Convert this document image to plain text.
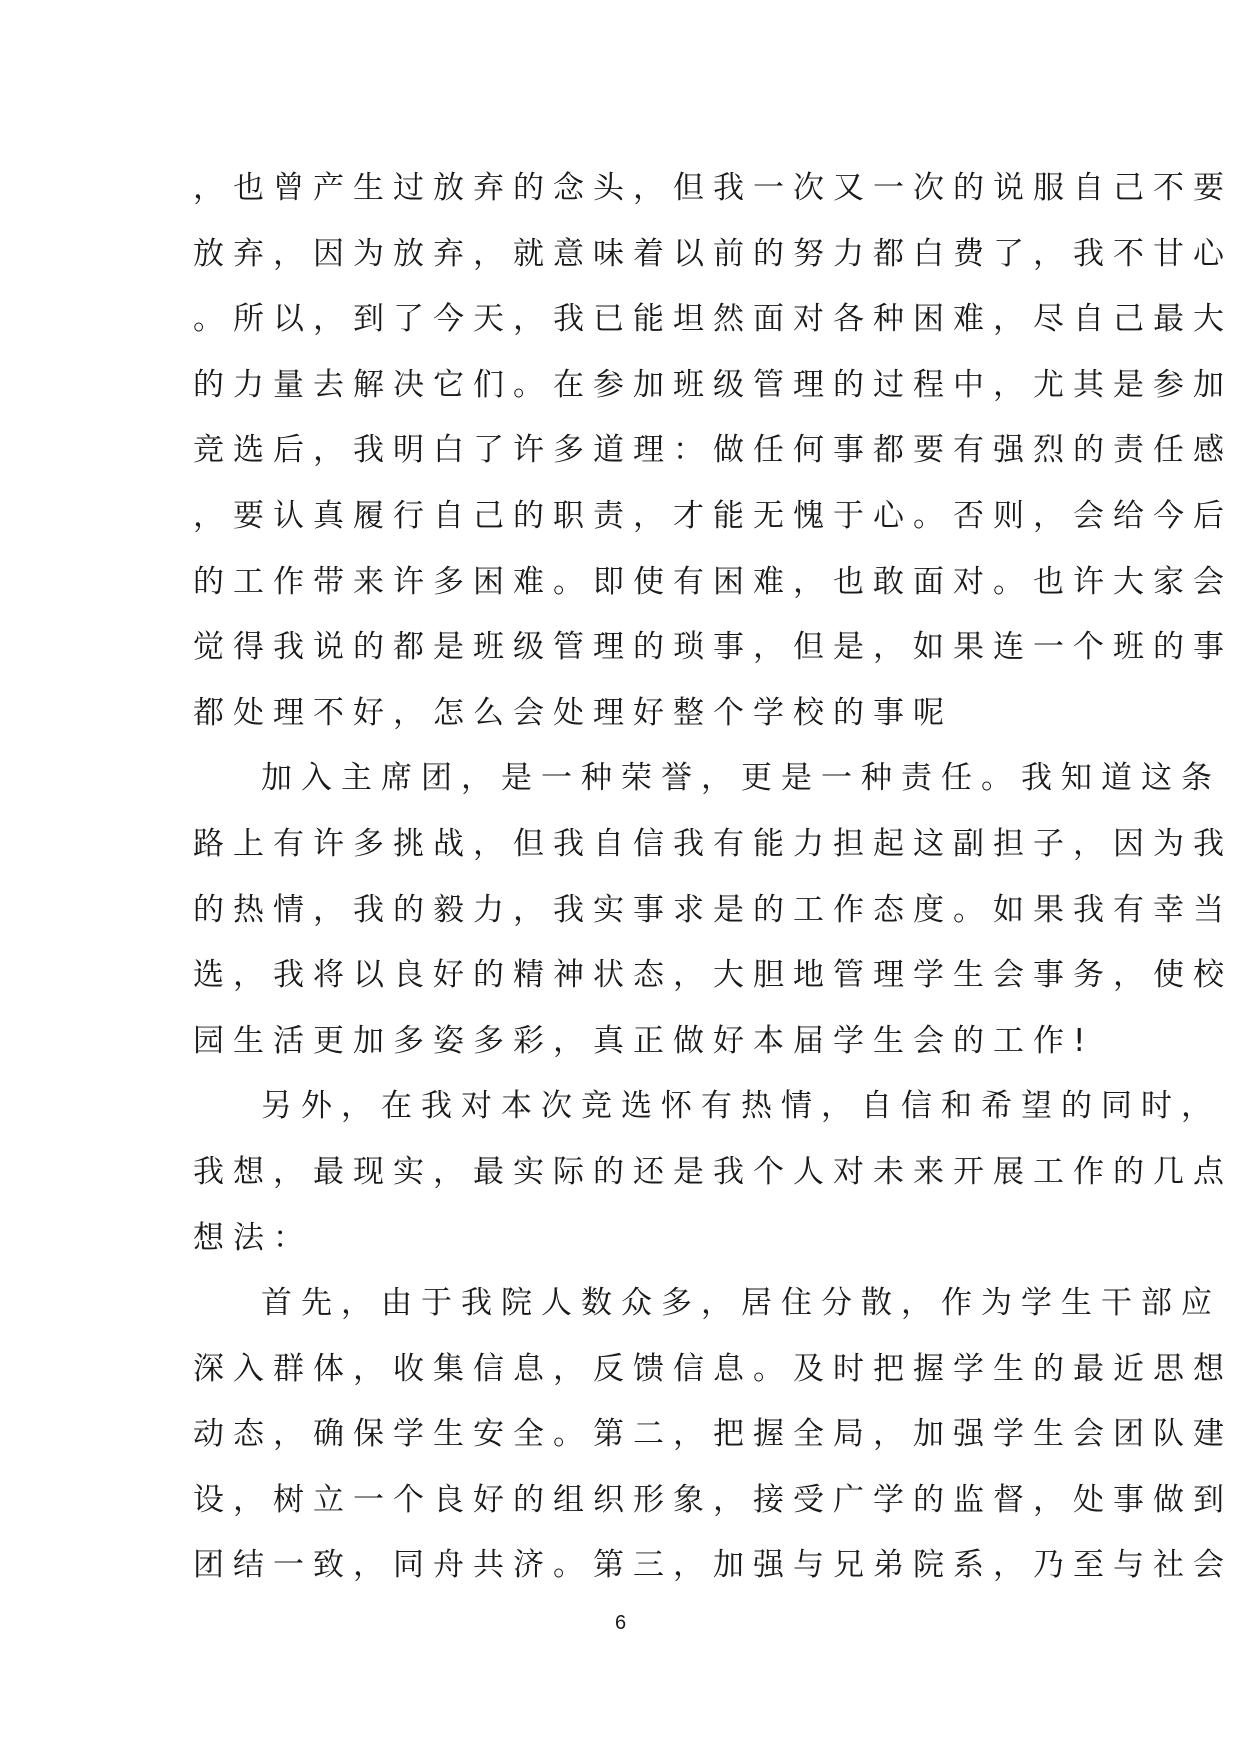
，也曾产生过放弃的念头，但我一次又一次的说服自己不要
放弃，因为放弃，就意味着以前的努力都白费了，我不甘心
。所以，到了今天，我已能坦然面对各种困难，尽自己最大
的力量去解决它们。在参加班级管理的过程中，尤其是参加
竞选后，我明白了许多道理：做任何事都要有强烈的责任感
，要认真履行自己的职责，才能无愧于心。否则，会给今后
的工作带来许多困难。即使有困难，也敢面对。也许大家会
觉得我说的都是班级管理的琐事，但是，如果连一个班的事
都处理不好，怎么会处理好整个学校的事呢
加入主席团，是一种荣誉，更是一种责任。我知道这条
路上有许多挑战，但我自信我有能力担起这副担子，因为我
的热情，我的毅力，我实事求是的工作态度。如果我有幸当
选，我将以良好的精神状态，大胆地管理学生会事务，使校
园生活更加多姿多彩，真正做好本届学生会的工作!
另外，在我对本次竞选怀有热情，自信和希望的同时，
我想，最现实，最实际的还是我个人对未来开展工作的几点
想法：
首先，由于我院人数众多，居住分散，作为学生干部应
深入群体，收集信息，反馈信息。及时把握学生的最近思想
动态，确保学生安全。第二，把握全局，加强学生会团队建
设，树立一个良好的组织形象，接受广学的监督，处事做到
团结一致，同舟共济。第三，加强与兄弟院系，乃至与社会
6
